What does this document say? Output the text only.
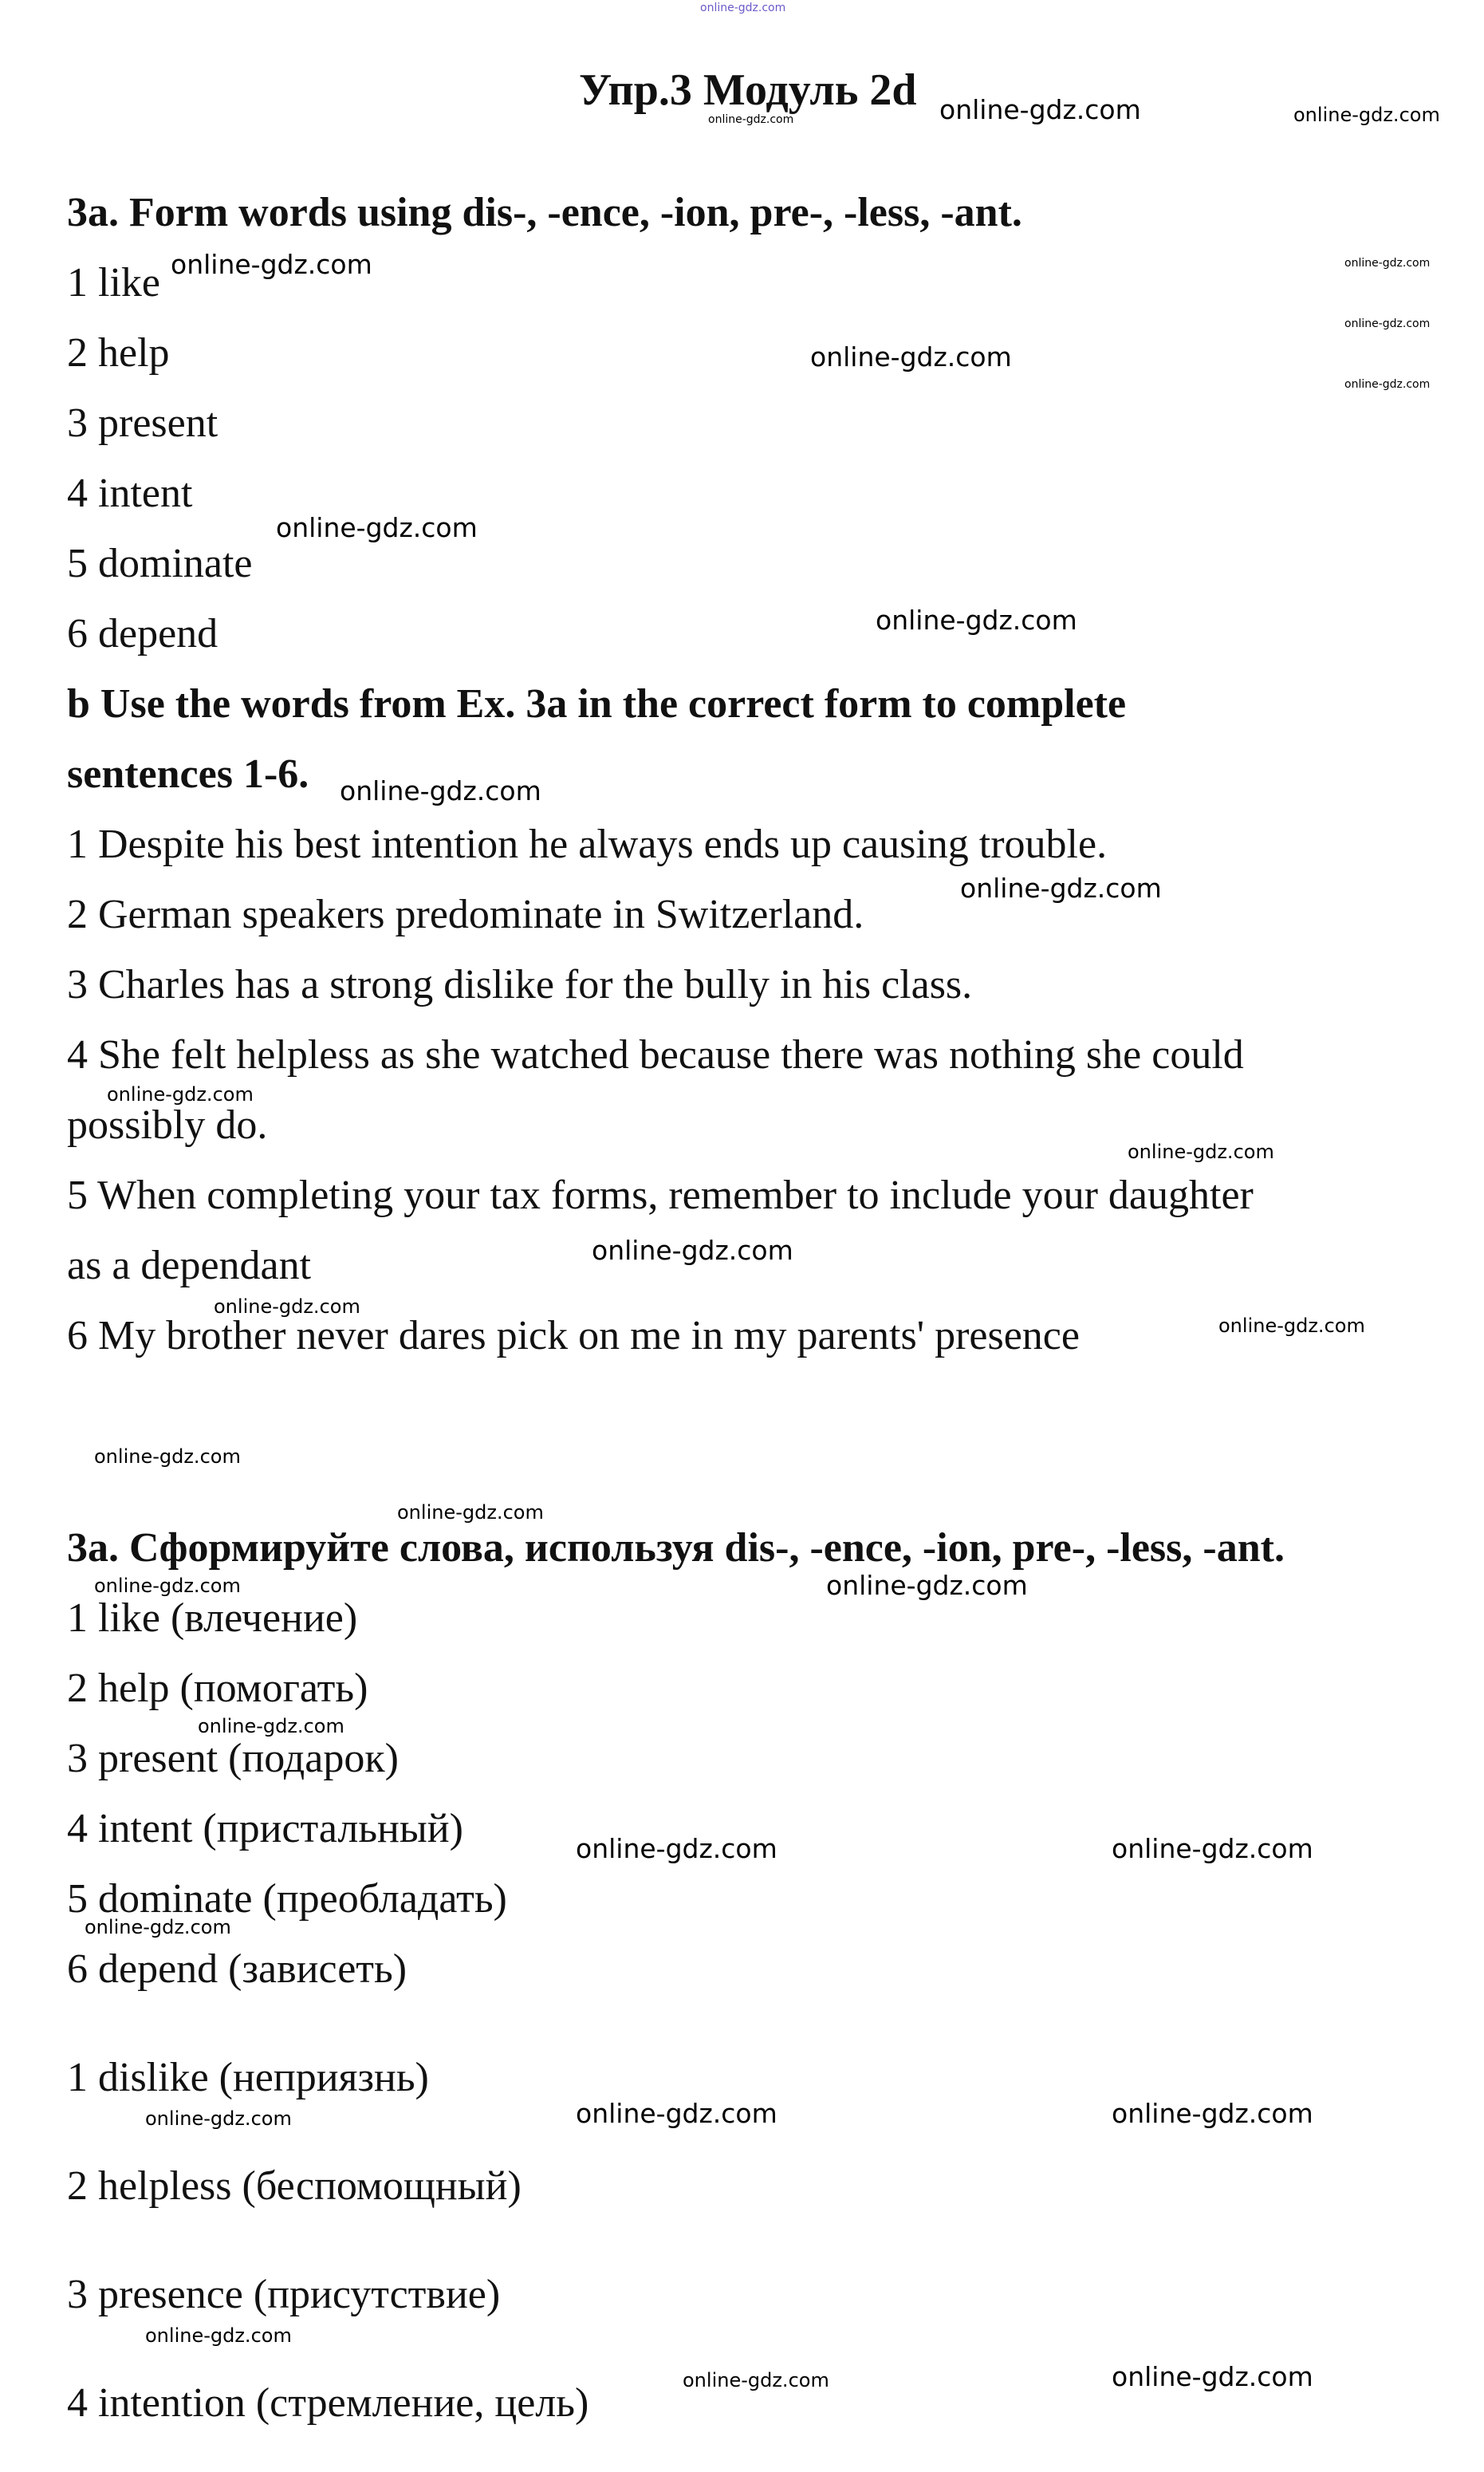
Упр.3 Модуль 2d

3a. Form words using dis-, -ence, -ion, pre-, -less, -ant.

1 like

2 help

3 present

4 intent

5 dominate

6 depend

b Use the words from Ex. 3a in the correct form to complete

sentences 1-6.

1 Despite his best intention he always ends up causing trouble.

2 German speakers predominate in Switzerland.

3 Charles has a strong dislike for the bully in his class.

4 She felt helpless as she watched because there was nothing she could

possibly do.

5 When completing your tax forms, remember to include your daughter

as a dependant

6 My brother never dares pick on me in my parents' presence

3a. Сформируйте слова, используя dis-, -ence, -ion, pre-, -less, -ant.

1 like (влечение)

2 help (помогать)

3 present (подарок)

4 intent (пристальный)

5 dominate (преобладать)

6 depend (зависеть)

1 dislike (неприязнь)

2 helpless (беспомощный)

3 presence (присутствие)

4 intention (стремление, цель)

online-gdz.com
online-gdz.com	online-gdz.com
online-gdz.com
online-gdz.com	online-gdz.com
online-gdz.com
online-gdz.com
online-gdz.com
online-gdz.com
online-gdz.com
online-gdz.com
online-gdz.com
online-gdz.com
online-gdz.com
online-gdz.com
online-gdz.com
online-gdz.com
online-gdz.com
online-gdz.com
online-gdz.com	online-gdz.com
online-gdz.com
online-gdz.com	online-gdz.com
online-gdz.com
online-gdz.com	online-gdz.com	online-gdz.com
online-gdz.com
online-gdz.com	online-gdz.com
